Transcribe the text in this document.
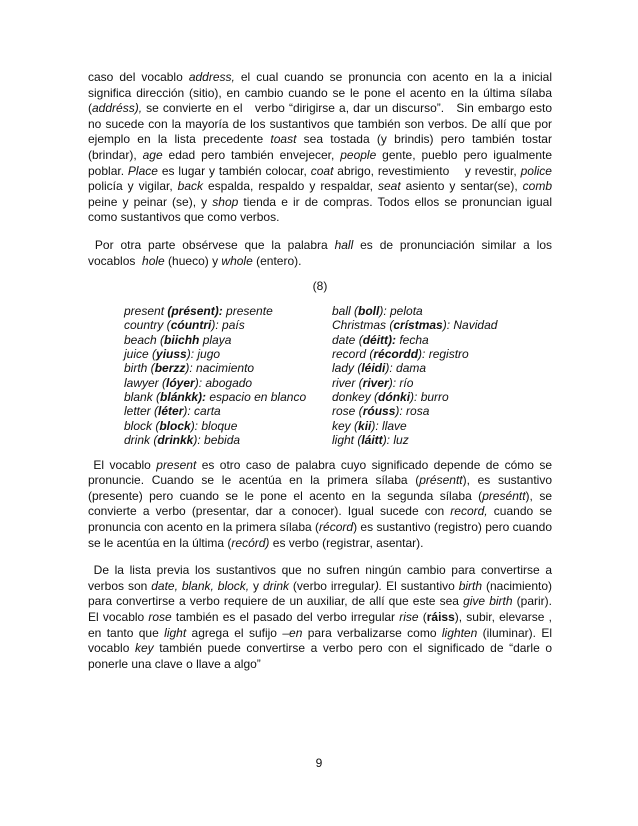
caso del vocablo address, el cual cuando se pronuncia con acento en la a inicial significa dirección (sitio), en cambio cuando se le pone el acento en la última sílaba (addréss), se convierte en el   verbo “dirigirse a, dar un discurso”.   Sin embargo esto no sucede con la mayoría de los sustantivos que también son verbos. De allí que por ejemplo en la lista precedente toast sea tostada (y brindis) pero también tostar (brindar), age edad pero también envejecer, people gente, pueblo pero igualmente poblar. Place es lugar y también colocar, coat abrigo, revestimiento    y revestir, police policía y vigilar, back espalda, respaldo y respaldar, seat asiento y sentar(se), comb peine y peinar (se), y shop tienda e ir de compras. Todos ellos se pronuncian igual como sustantivos que como verbos.

Por otra parte obsérvese que la palabra hall es de pronunciación similar a los vocablos  hole (hueco) y whole (entero).

(8)
present (présent): presente	ball (boll): pelota
country (cóuntri): país	Christmas (crístmas): Navidad
beach (biichh playa	date (déitt): fecha
juice (yiuss): jugo	record (récordd): registro
birth (berzz): nacimiento	lady (léidi): dama
lawyer (lóyer): abogado	river (river): río
blank (blánkk): espacio en blanco	donkey (dónki): burro
letter (léter): carta	rose (róuss): rosa
block (block): bloque	key (kii): llave
drink (drinkk): bebida	light (láitt): luz

El vocablo present es otro caso de palabra cuyo significado depende de cómo se pronuncie. Cuando se le acentúa en la primera sílaba (présentt), es sustantivo (presente) pero cuando se le pone el acento en la segunda sílaba (preséntt), se convierte a verbo (presentar, dar a conocer). Igual sucede con record, cuando se pronuncia con acento en la primera sílaba (récord) es sustantivo (registro) pero cuando se le acentúa en la última (recórd) es verbo (registrar, asentar).

De la lista previa los sustantivos que no sufren ningún cambio para convertirse a verbos son date, blank, block, y drink (verbo irregular). El sustantivo birth (nacimiento) para convertirse a verbo requiere de un auxiliar, de allí que este sea give birth (parir). El vocablo rose también es el pasado del verbo irregular rise (ráiss), subir, elevarse , en tanto que light agrega el sufijo –en para verbalizarse como lighten (iluminar). El vocablo key también puede convertirse a verbo pero con el significado de “darle o ponerle una clave o llave a algo”

9
